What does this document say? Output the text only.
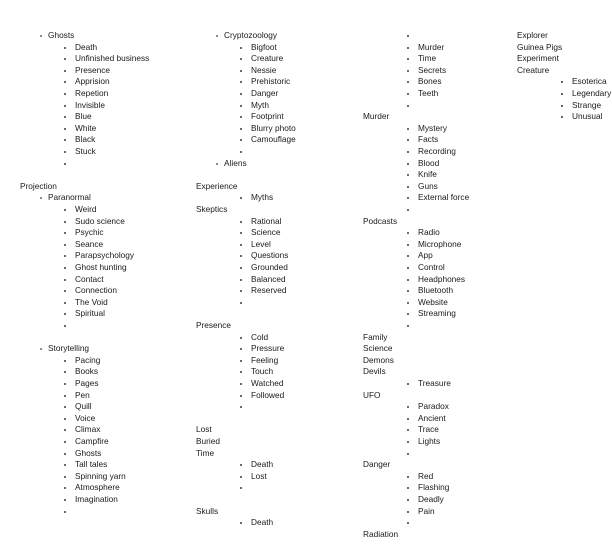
Ghosts
Death
Unfinished business
Presence
Apprision
Repetion
Invisible
Blue
White
Black
Stuck
Projection
Paranormal
Weird
Sudo science
Psychic
Seance
Parapsychology
Ghost hunting
Contact
Connection
The Void
Spiritual
Storytelling
Pacing
Books
Pages
Pen
Quill
Voice
Climax
Campfire
Ghosts
Tall tales
Spinning yarn
Atmosphere
Imagination
Cryptozoology
Bigfoot
Creature
Nessie
Prehistoric
Danger
Myth
Footprint
Blurry photo
Camouflage
Aliens
Experience
Myths
Skeptics
Rational
Science
Level
Questions
Grounded
Balanced
Reserved
Presence
Cold
Pressure
Feeling
Touch
Watched
Followed
Lost
Buried
Time
Death
Lost
Skulls
Death
Murder
Time
Secrets
Bones
Teeth
Murder
Mystery
Facts
Recording
Blood
Knife
Guns
External force
Podcasts
Radio
Microphone
App
Control
Headphones
Bluetooth
Website
Streaming
Family
Science
Demons
Devils
Treasure
UFO
Paradox
Ancient
Trace
Lights
Danger
Red
Flashing
Deadly
Pain
Radiation
Explorer
Guinea Pigs
Experiment
Creature
Esoterica
Legendary
Strange
Unusual
